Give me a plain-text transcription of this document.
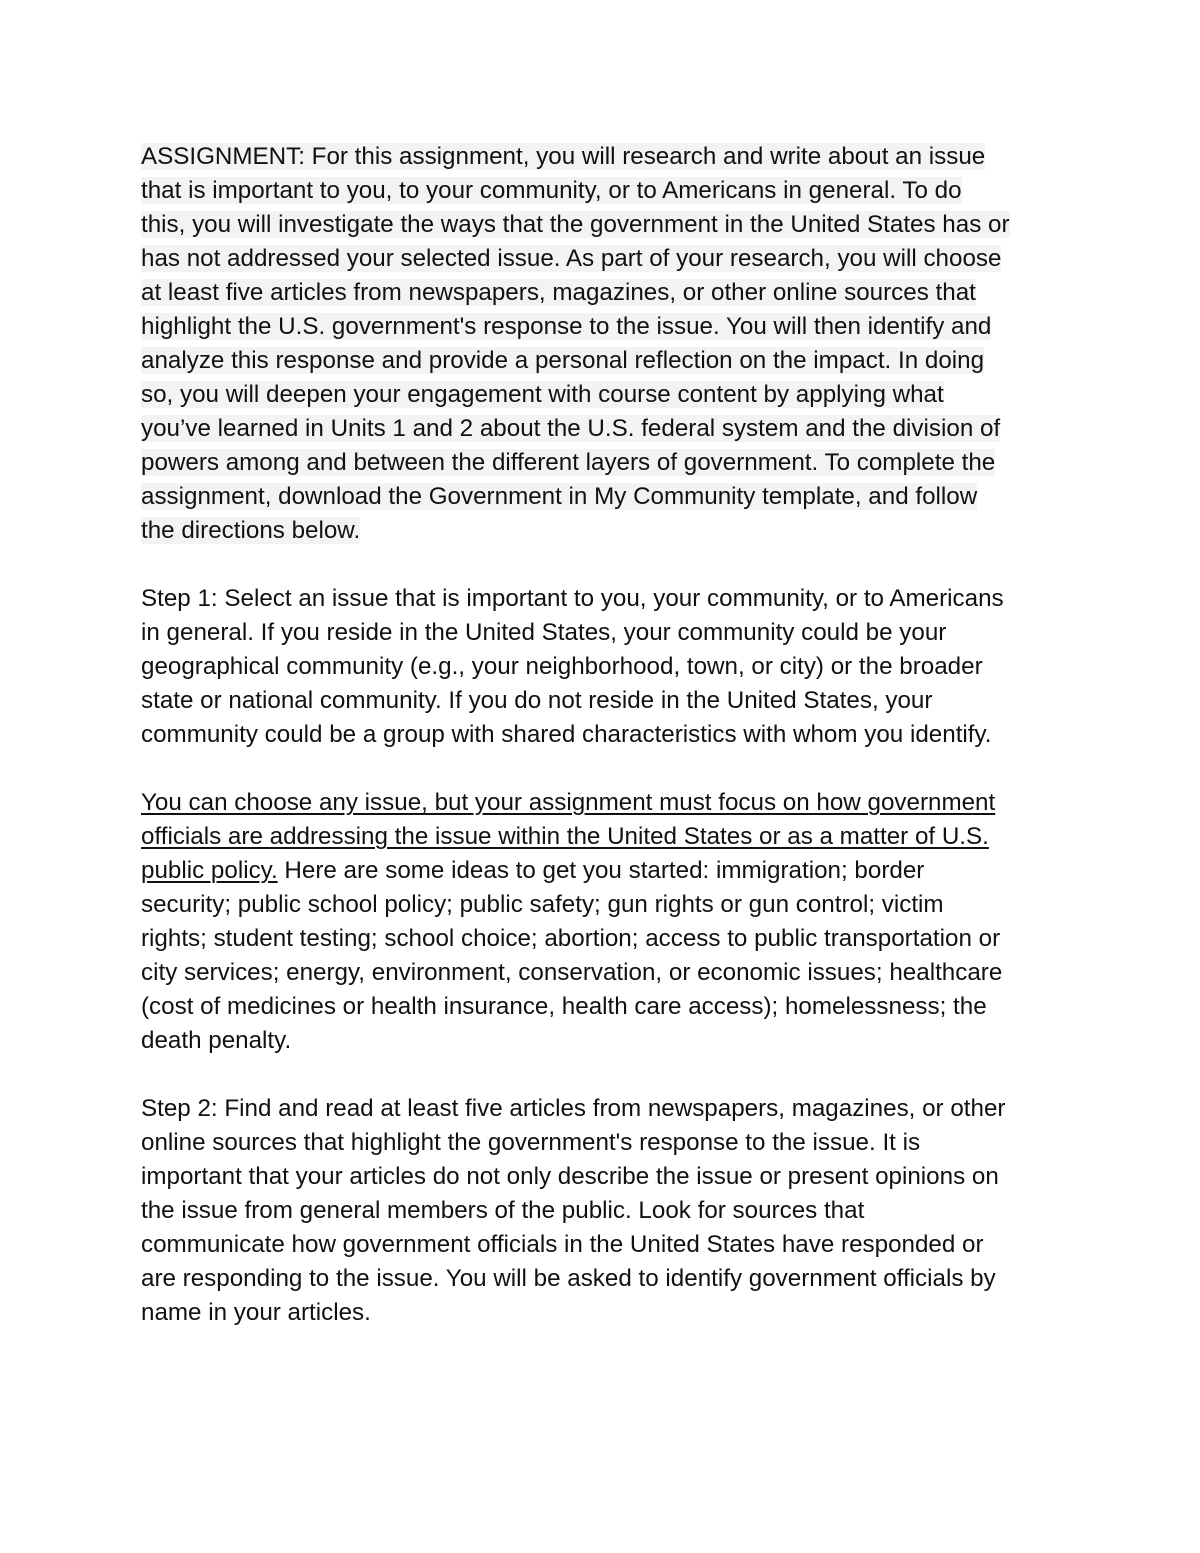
ASSIGNMENT: For this assignment, you will research and write about an issue
that is important to you, to your community, or to Americans in general. To do
this, you will investigate the ways that the government in the United States has or
has not addressed your selected issue. As part of your research, you will choose
at least five articles from newspapers, magazines, or other online sources that
highlight the U.S. government's response to the issue. You will then identify and
analyze this response and provide a personal reflection on the impact. In doing
so, you will deepen your engagement with course content by applying what
you’ve learned in Units 1 and 2 about the U.S. federal system and the division of
powers among and between the different layers of government. To complete the
assignment, download the Government in My Community template, and follow
the directions below.

Step 1: Select an issue that is important to you, your community, or to Americans
in general. If you reside in the United States, your community could be your
geographical community (e.g., your neighborhood, town, or city) or the broader
state or national community. If you do not reside in the United States, your
community could be a group with shared characteristics with whom you identify.

You can choose any issue, but your assignment must focus on how government
officials are addressing the issue within the United States or as a matter of U.S.
public policy. Here are some ideas to get you started: immigration; border
security; public school policy; public safety; gun rights or gun control; victim
rights; student testing; school choice; abortion; access to public transportation or
city services; energy, environment, conservation, or economic issues; healthcare
(cost of medicines or health insurance, health care access); homelessness; the
death penalty.

Step 2: Find and read at least five articles from newspapers, magazines, or other
online sources that highlight the government's response to the issue. It is
important that your articles do not only describe the issue or present opinions on
the issue from general members of the public. Look for sources that
communicate how government officials in the United States have responded or
are responding to the issue. You will be asked to identify government officials by
name in your articles.
